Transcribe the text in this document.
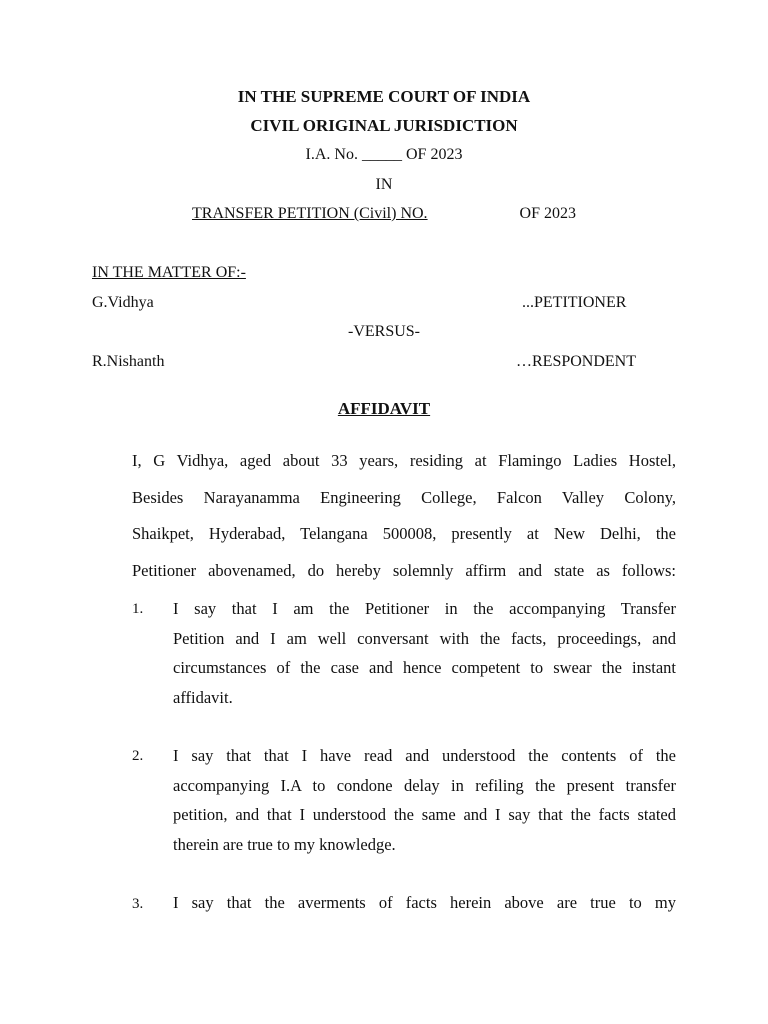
IN THE SUPREME COURT OF INDIA
CIVIL ORIGINAL JURISDICTION
I.A. No. _____ OF 2023
IN
TRANSFER PETITION (Civil) NO.	OF 2023
IN THE MATTER OF:-
G.Vidhya	...PETITIONER
-VERSUS-
R.Nishanth	…RESPONDENT
AFFIDAVIT
I, G Vidhya, aged about 33 years, residing at Flamingo Ladies Hostel,
Besides Narayanamma Engineering College, Falcon Valley Colony,
Shaikpet, Hyderabad, Telangana 500008, presently at New Delhi, the
Petitioner abovenamed, do hereby solemnly affirm and state as follows:
1. I say that I am the Petitioner in the accompanying Transfer
Petition and I am well conversant with the facts, proceedings, and
circumstances of the case and hence competent to swear the instant
affidavit.
2. I say that that I have read and understood the contents of the
accompanying I.A to condone delay in refiling the present transfer
petition, and that I understood the same and I say that the facts stated
therein are true to my knowledge.
3. I say that the averments of facts herein above are true to my
